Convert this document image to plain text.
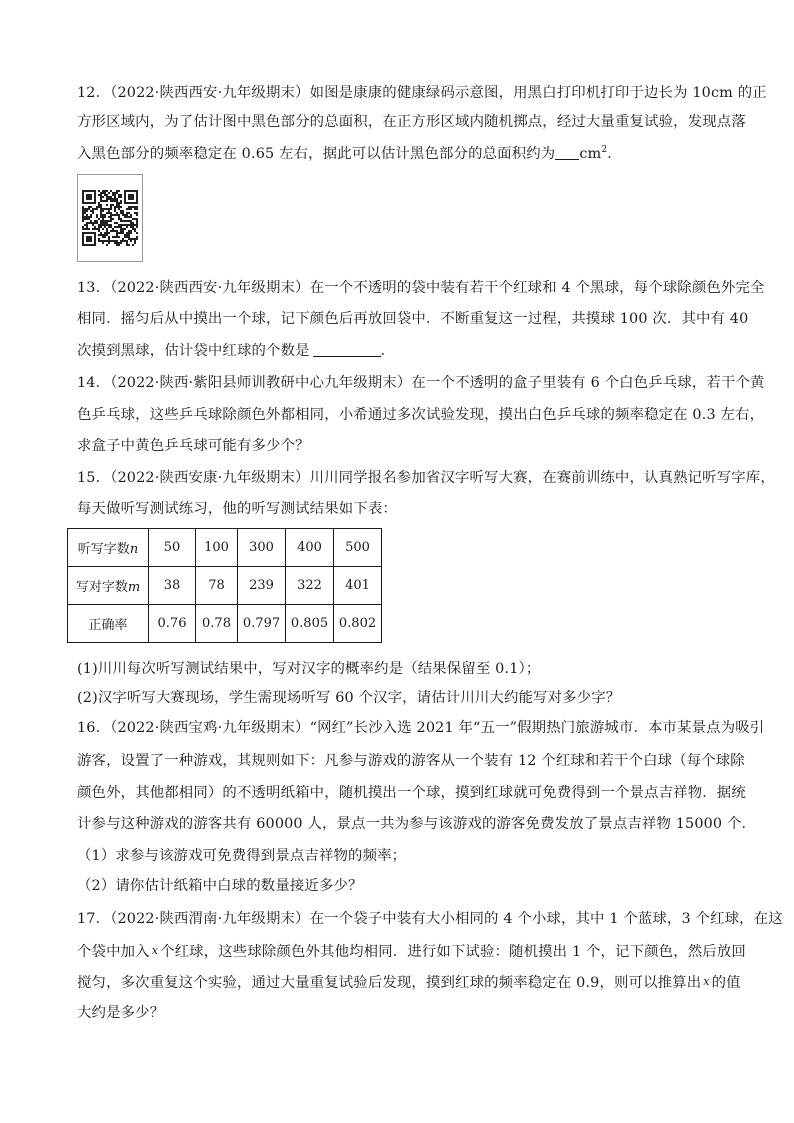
12．（2022·陕西西安·九年级期末）如图是康康的健康绿码示意图，用黑白打印机打印于边长为 10cm 的正
方形区域内，为了估计图中黑色部分的总面积，在正方形区域内随机掷点，经过大量重复试验，发现点落
入黑色部分的频率稳定在 0.65 左右，据此可以估计黑色部分的总面积约为 $cm^2$．
13．（2022·陕西西安·九年级期末）在一个不透明的袋中装有若干个红球和 4 个黑球，每个球除颜色外完全
相同．摇匀后从中摸出一个球，记下颜色后再放回袋中．不断重复这一过程，共摸球 100 次．其中有 40
次摸到黑球，估计袋中红球的个数是	．
14．（2022·陕西·紫阳县师训教研中心九年级期末）在一个不透明的盒子里装有 6 个白色乒乓球，若干个黄
色乒乓球，这些乒乓球除颜色外都相同，小希通过多次试验发现，摸出白色乒乓球的频率稳定在 0.3 左右，
求盒子中黄色乒乓球可能有多少个？
15．（2022·陕西安康·九年级期末）川川同学报名参加省汉字听写大赛，在赛前训练中，认真熟记听写字库，
每天做听写测试练习，他的听写测试结果如下表：
听写字数n	50	100	300	400	500
写对字数m	38	78	239	322	401
正确率	0.76	0.78	0.797	0.805	0.802
(1)川川每次听写测试结果中，写对汉字的概率约是（结果保留至 0.1）；
(2)汉字听写大赛现场，学生需现场听写 60 个汉字，请估计川川大约能写对多少字？
16．（2022·陕西宝鸡·九年级期末）“网红”长沙入选 2021 年“五一”假期热门旅游城市．本市某景点为吸引
游客，设置了一种游戏，其规则如下：凡参与游戏的游客从一个装有 12 个红球和若干个白球（每个球除
颜色外，其他都相同）的不透明纸箱中，随机摸出一个球，摸到红球就可免费得到一个景点吉祥物．据统
计参与这种游戏的游客共有 60000 人，景点一共为参与该游戏的游客免费发放了景点吉祥物 15000 个．
（1）求参与该游戏可免费得到景点吉祥物的频率；
（2）请你估计纸箱中白球的数量接近多少？
17．（2022·陕西渭南·九年级期末）在一个袋子中装有大小相同的 4 个小球，其中 1 个蓝球，3 个红球，在这
个袋中加入 x 个红球，这些球除颜色外其他均相同．进行如下试验：随机摸出 1 个，记下颜色，然后放回
搅匀，多次重复这个实验，通过大量重复试验后发现，摸到红球的频率稳定在 0.9，则可以推算出 x 的值
大约是多少？
